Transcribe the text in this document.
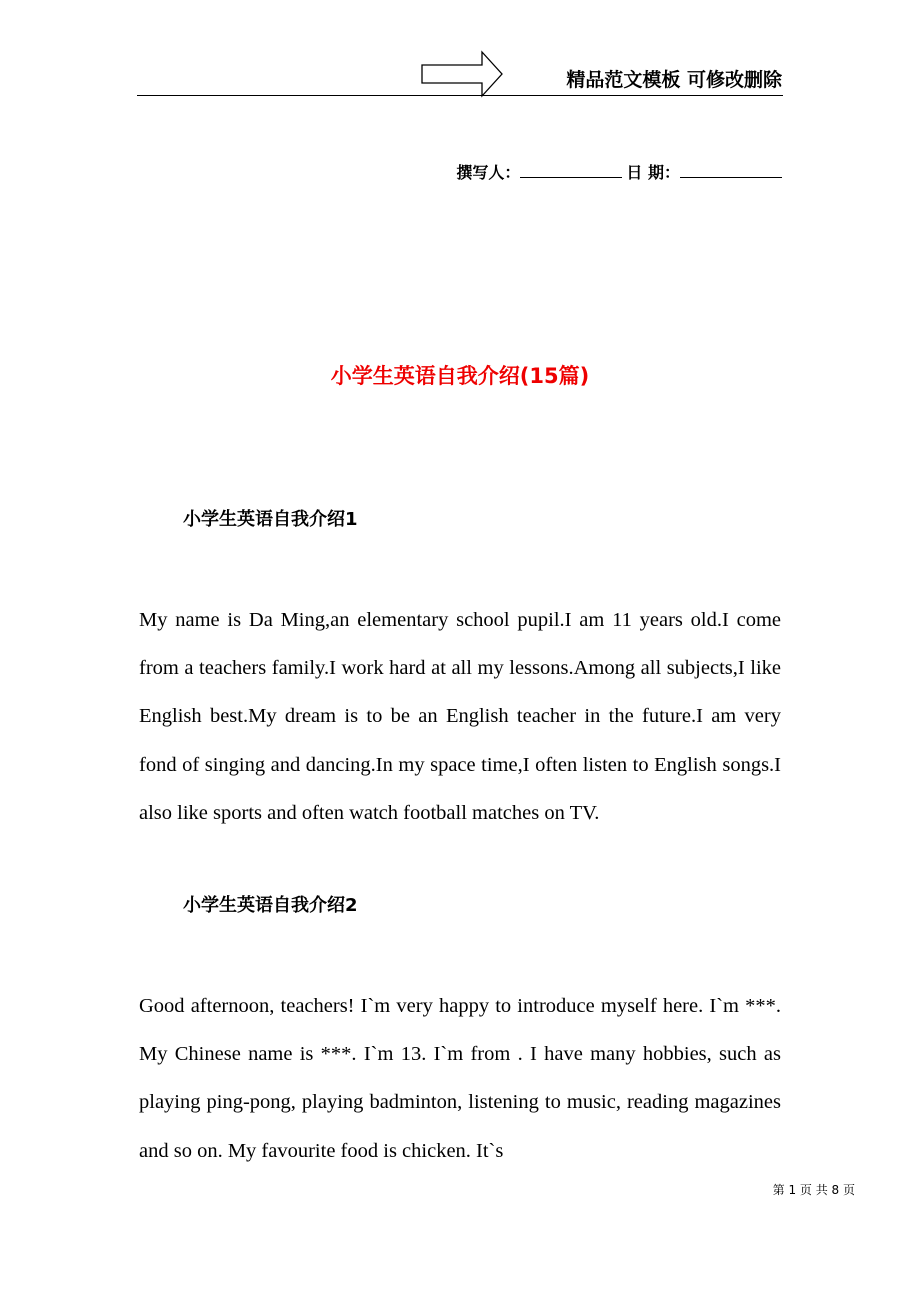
精品范文模板 可修改删除
撰写人：	日 期：
小学生英语自我介绍(15篇)
小学生英语自我介绍1

My name is Da Ming,an elementary school pupil.I am 11 years old.I come from a teachers family.I work hard at all my lessons.Among all subjects,I like English best.My dream is to be an English teacher in the future.I am very fond of singing and dancing.In my space time,I often listen to English songs.I also like sports and often watch football matches on TV.

小学生英语自我介绍2

Good afternoon, teachers! I`m very happy to introduce myself here. I`m ***. My Chinese name is ***. I`m 13. I`m from . I have many hobbies, such as playing ping-pong, playing badminton, listening to music, reading magazines and so on. My favourite food is chicken. It`s

第 1 页 共 8 页
